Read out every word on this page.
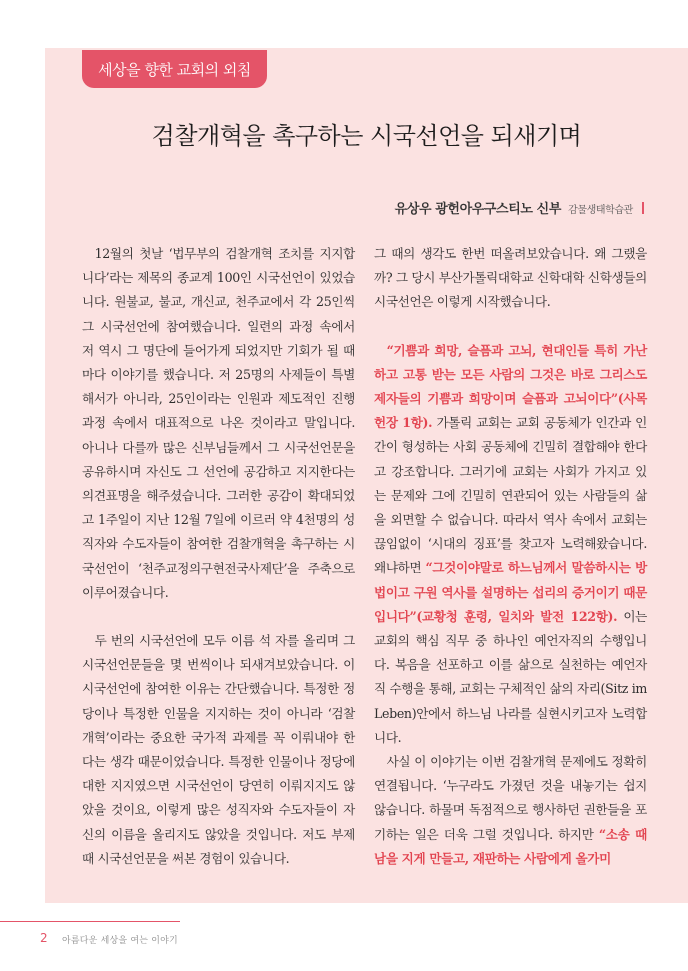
세상을 향한 교회의 외침
검찰개혁을 촉구하는 시국선언을 되새기며
유상우 광헌아우구스티노 신부 감물생태학습관

12월의 첫날 ‘법무부의 검찰개혁 조치를 지지합니다’라는 제목의 종교계 100인 시국선언이 있었습니다. 원불교, 불교, 개신교, 천주교에서 각 25인씩 그 시국선언에 참여했습니다. 일련의 과정 속에서 저 역시 그 명단에 들어가게 되었지만 기회가 될 때마다 이야기를 했습니다. 저 25명의 사제들이 특별해서가 아니라, 25인이라는 인원과 제도적인 진행과정 속에서 대표적으로 나온 것이라고 말입니다. 아니나 다를까 많은 신부님들께서 그 시국선언문을 공유하시며 자신도 그 선언에 공감하고 지지한다는 의견표명을 해주셨습니다. 그러한 공감이 확대되었고 1주일이 지난 12월 7일에 이르러 약 4천명의 성직자와 수도자들이 참여한 검찰개혁을 촉구하는 시국선언이 ‘천주교정의구현전국사제단’을 주축으로 이루어졌습니다.

두 번의 시국선언에 모두 이름 석 자를 올리며 그 시국선언문들을 몇 번씩이나 되새겨보았습니다. 이 시국선언에 참여한 이유는 간단했습니다. 특정한 정당이나 특정한 인물을 지지하는 것이 아니라 ‘검찰개혁’이라는 중요한 국가적 과제를 꼭 이뤄내야 한다는 생각 때문이었습니다. 특정한 인물이나 정당에 대한 지지였으면 시국선언이 당연히 이뤄지지도 않았을 것이요, 이렇게 많은 성직자와 수도자들이 자신의 이름을 올리지도 않았을 것입니다. 저도 부제 때 시국선언문을 써본 경험이 있습니다.

그 때의 생각도 한번 떠올려보았습니다. 왜 그랬을까? 그 당시 부산가톨릭대학교 신학대학 신학생들의 시국선언은 이렇게 시작했습니다.

“기쁨과 희망, 슬픔과 고뇌, 현대인들 특히 가난하고 고통 받는 모든 사람의 그것은 바로 그리스도 제자들의 기쁨과 희망이며 슬픔과 고뇌이다”(사목헌장 1항). 가톨릭 교회는 교회 공동체가 인간과 인간이 형성하는 사회 공동체에 긴밀히 결합해야 한다고 강조합니다. 그러기에 교회는 사회가 가지고 있는 문제와 그에 긴밀히 연관되어 있는 사람들의 삶을 외면할 수 없습니다. 따라서 역사 속에서 교회는 끊임없이 ‘시대의 징표’를 찾고자 노력해왔습니다. 왜냐하면 “그것이야말로 하느님께서 말씀하시는 방법이고 구원 역사를 설명하는 섭리의 증거이기 때문입니다”(교황청 훈령, 일치와 발전 122항). 이는 교회의 핵심 직무 중 하나인 예언자직의 수행입니다. 복음을 선포하고 이를 삶으로 실천하는 예언자직 수행을 통해, 교회는 구체적인 삶의 자리(Sitz im Leben)안에서 하느님 나라를 실현시키고자 노력합니다.

사실 이 이야기는 이번 검찰개혁 문제에도 정확히 연결됩니다. ‘누구라도 가졌던 것을 내놓기는 쉽지 않습니다. 하물며 독점적으로 행사하던 권한들을 포기하는 일은 더욱 그럴 것입니다. 하지만 “소송 때 남을 지게 만들고, 재판하는 사람에게 올가미

2 아름다운 세상을 여는 이야기
